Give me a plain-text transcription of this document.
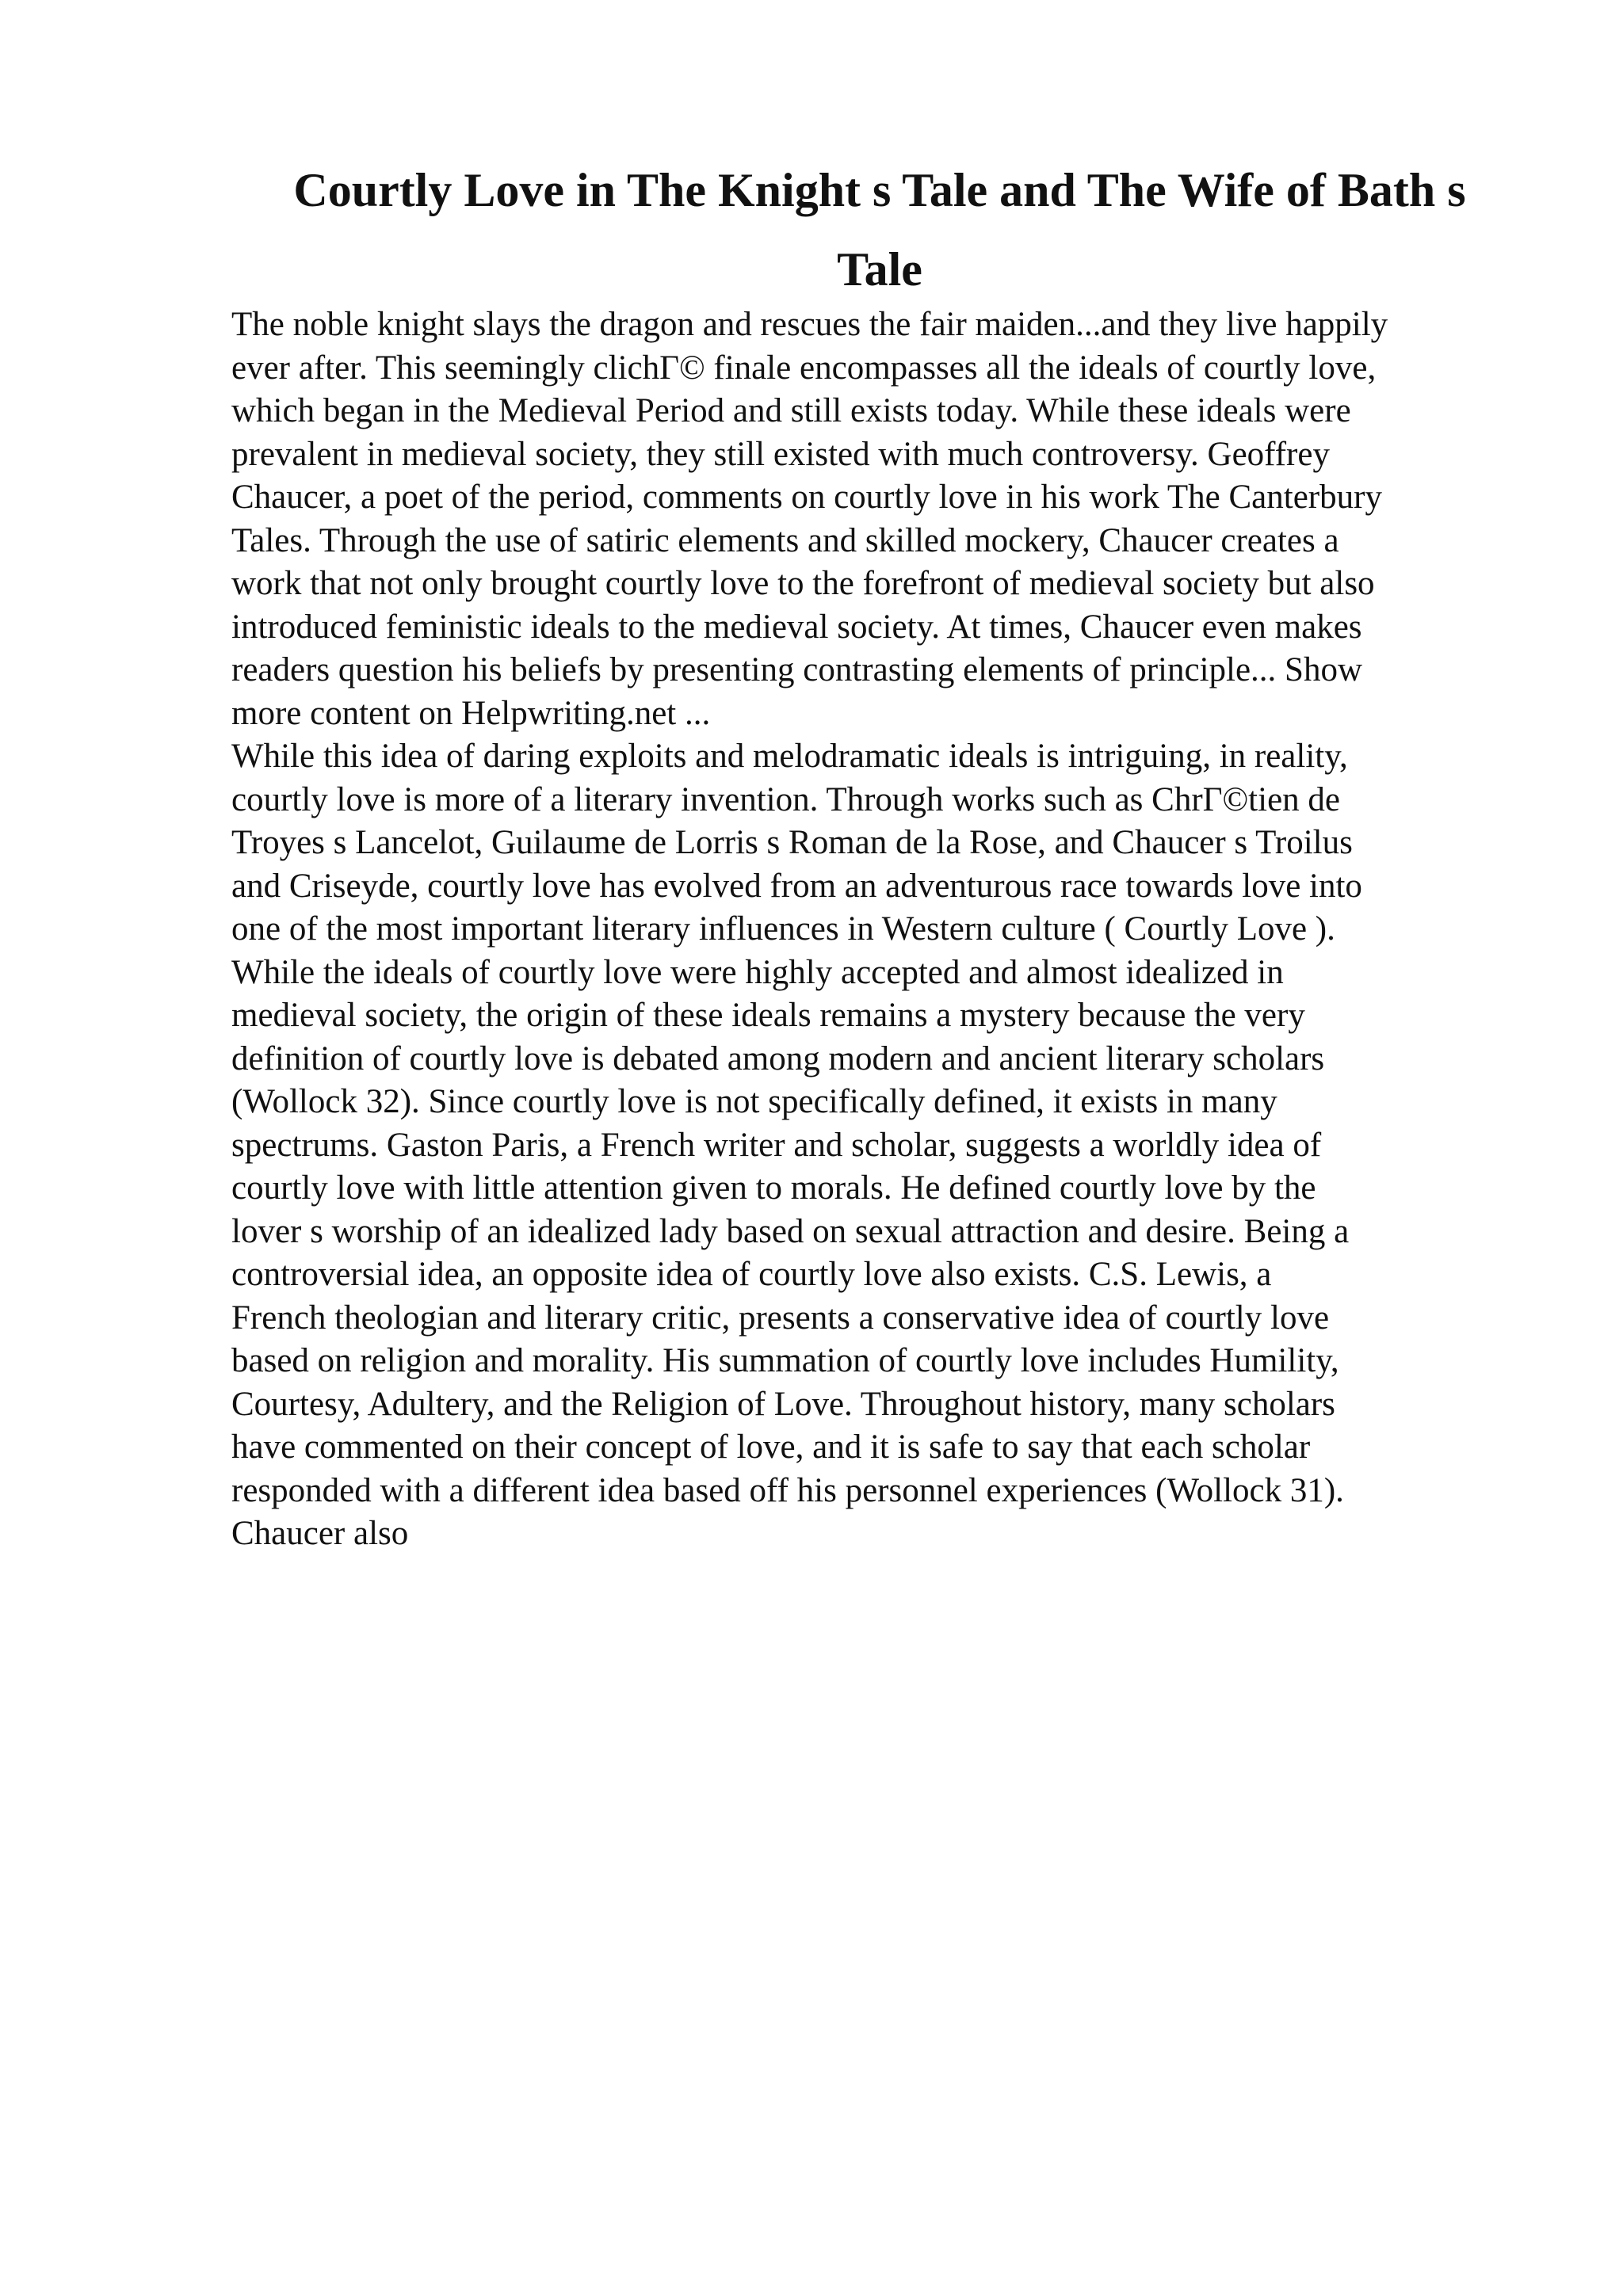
Courtly Love in The Knight s Tale and The Wife of Bath s
Tale

The noble knight slays the dragon and rescues the fair maiden...and they live happily
ever after. This seemingly clichГ© finale encompasses all the ideals of courtly love,
which began in the Medieval Period and still exists today. While these ideals were
prevalent in medieval society, they still existed with much controversy. Geoffrey
Chaucer, a poet of the period, comments on courtly love in his work The Canterbury
Tales. Through the use of satiric elements and skilled mockery, Chaucer creates a
work that not only brought courtly love to the forefront of medieval society but also
introduced feministic ideals to the medieval society. At times, Chaucer even makes
readers question his beliefs by presenting contrasting elements of principle... Show
more content on Helpwriting.net ...

While this idea of daring exploits and melodramatic ideals is intriguing, in reality,
courtly love is more of a literary invention. Through works such as ChrГ©tien de
Troyes s Lancelot, Guilaume de Lorris s Roman de la Rose, and Chaucer s Troilus
and Criseyde, courtly love has evolved from an adventurous race towards love into
one of the most important literary influences in Western culture ( Courtly Love ).
While the ideals of courtly love were highly accepted and almost idealized in
medieval society, the origin of these ideals remains a mystery because the very
definition of courtly love is debated among modern and ancient literary scholars
(Wollock 32). Since courtly love is not specifically defined, it exists in many
spectrums. Gaston Paris, a French writer and scholar, suggests a worldly idea of
courtly love with little attention given to morals. He defined courtly love by the
lover s worship of an idealized lady based on sexual attraction and desire. Being a
controversial idea, an opposite idea of courtly love also exists. C.S. Lewis, a
French theologian and literary critic, presents a conservative idea of courtly love
based on religion and morality. His summation of courtly love includes Humility,
Courtesy, Adultery, and the Religion of Love. Throughout history, many scholars
have commented on their concept of love, and it is safe to say that each scholar
responded with a different idea based off his personnel experiences (Wollock 31).
Chaucer also
